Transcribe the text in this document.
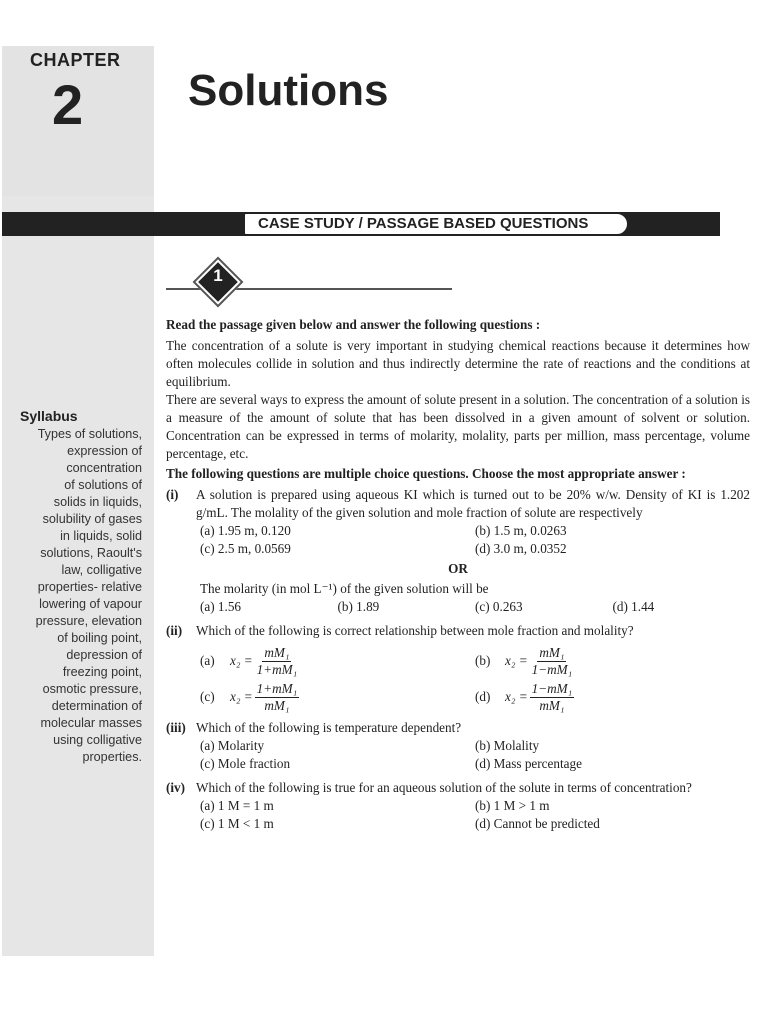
CHAPTER
2 Solutions
CASE STUDY / PASSAGE BASED QUESTIONS
1
Syllabus
Types of solutions,
expression of
concentration
of solutions of
solids in liquids,
solubility of gases
in liquids, solid
solutions, Raoult's
law, colligative
properties- relative
lowering of vapour
pressure, elevation
of boiling point,
depression of
freezing point,
osmotic pressure,
determination of
molecular masses
using colligative
properties.

Read the passage given below and answer the following questions :

The concentration of a solute is very important in studying chemical reactions because it determines how often molecules collide in solution and thus indirectly determine the rate of reactions and the conditions at equilibrium.

There are several ways to express the amount of solute present in a solution. The concentration of a solution is a measure of the amount of solute that has been dissolved in a given amount of solvent or solution. Concentration can be expressed in terms of molarity, molality, parts per million, mass percentage, volume percentage, etc.

The following questions are multiple choice questions. Choose the most appropriate answer :

(i)	A solution is prepared using aqueous KI which is turned out to be 20% w/w. Density of KI is 1.202 g/mL. The molality of the given solution and mole fraction of solute are respectively
(a) 1.95 m, 0.120	(b) 1.5 m, 0.0263
(c) 2.5 m, 0.0569	(d) 3.0 m, 0.0352
OR
The molarity (in mol L⁻¹) of the given solution will be
(a) 1.56	(b) 1.89	(c) 0.263	(d) 1.44
(ii)	Which of the following is correct relationship between mole fraction and molality?
(a)	$x_2 = \frac{\text{mM₁}}{\text{1+mM₁}}$	(b)	$x_2 = \frac{\text{mM₁}}{\text{1−mM₁}}$
(c)	$x_2 = \frac{\text{1+mM₁}}{\text{mM₁}}$	(d)	$x_2 = \frac{\text{1−mM₁}}{\text{mM₁}}$
(iii) Which of the following is temperature dependent?
(a) Molarity	(b) Molality
(c) Mole fraction	(d) Mass percentage
(iv) Which of the following is true for an aqueous solution of the solute in terms of concentration?
(a) 1 M = 1 m	(b) 1 M > 1 m
(c) 1 M < 1 m	(d) Cannot be predicted
